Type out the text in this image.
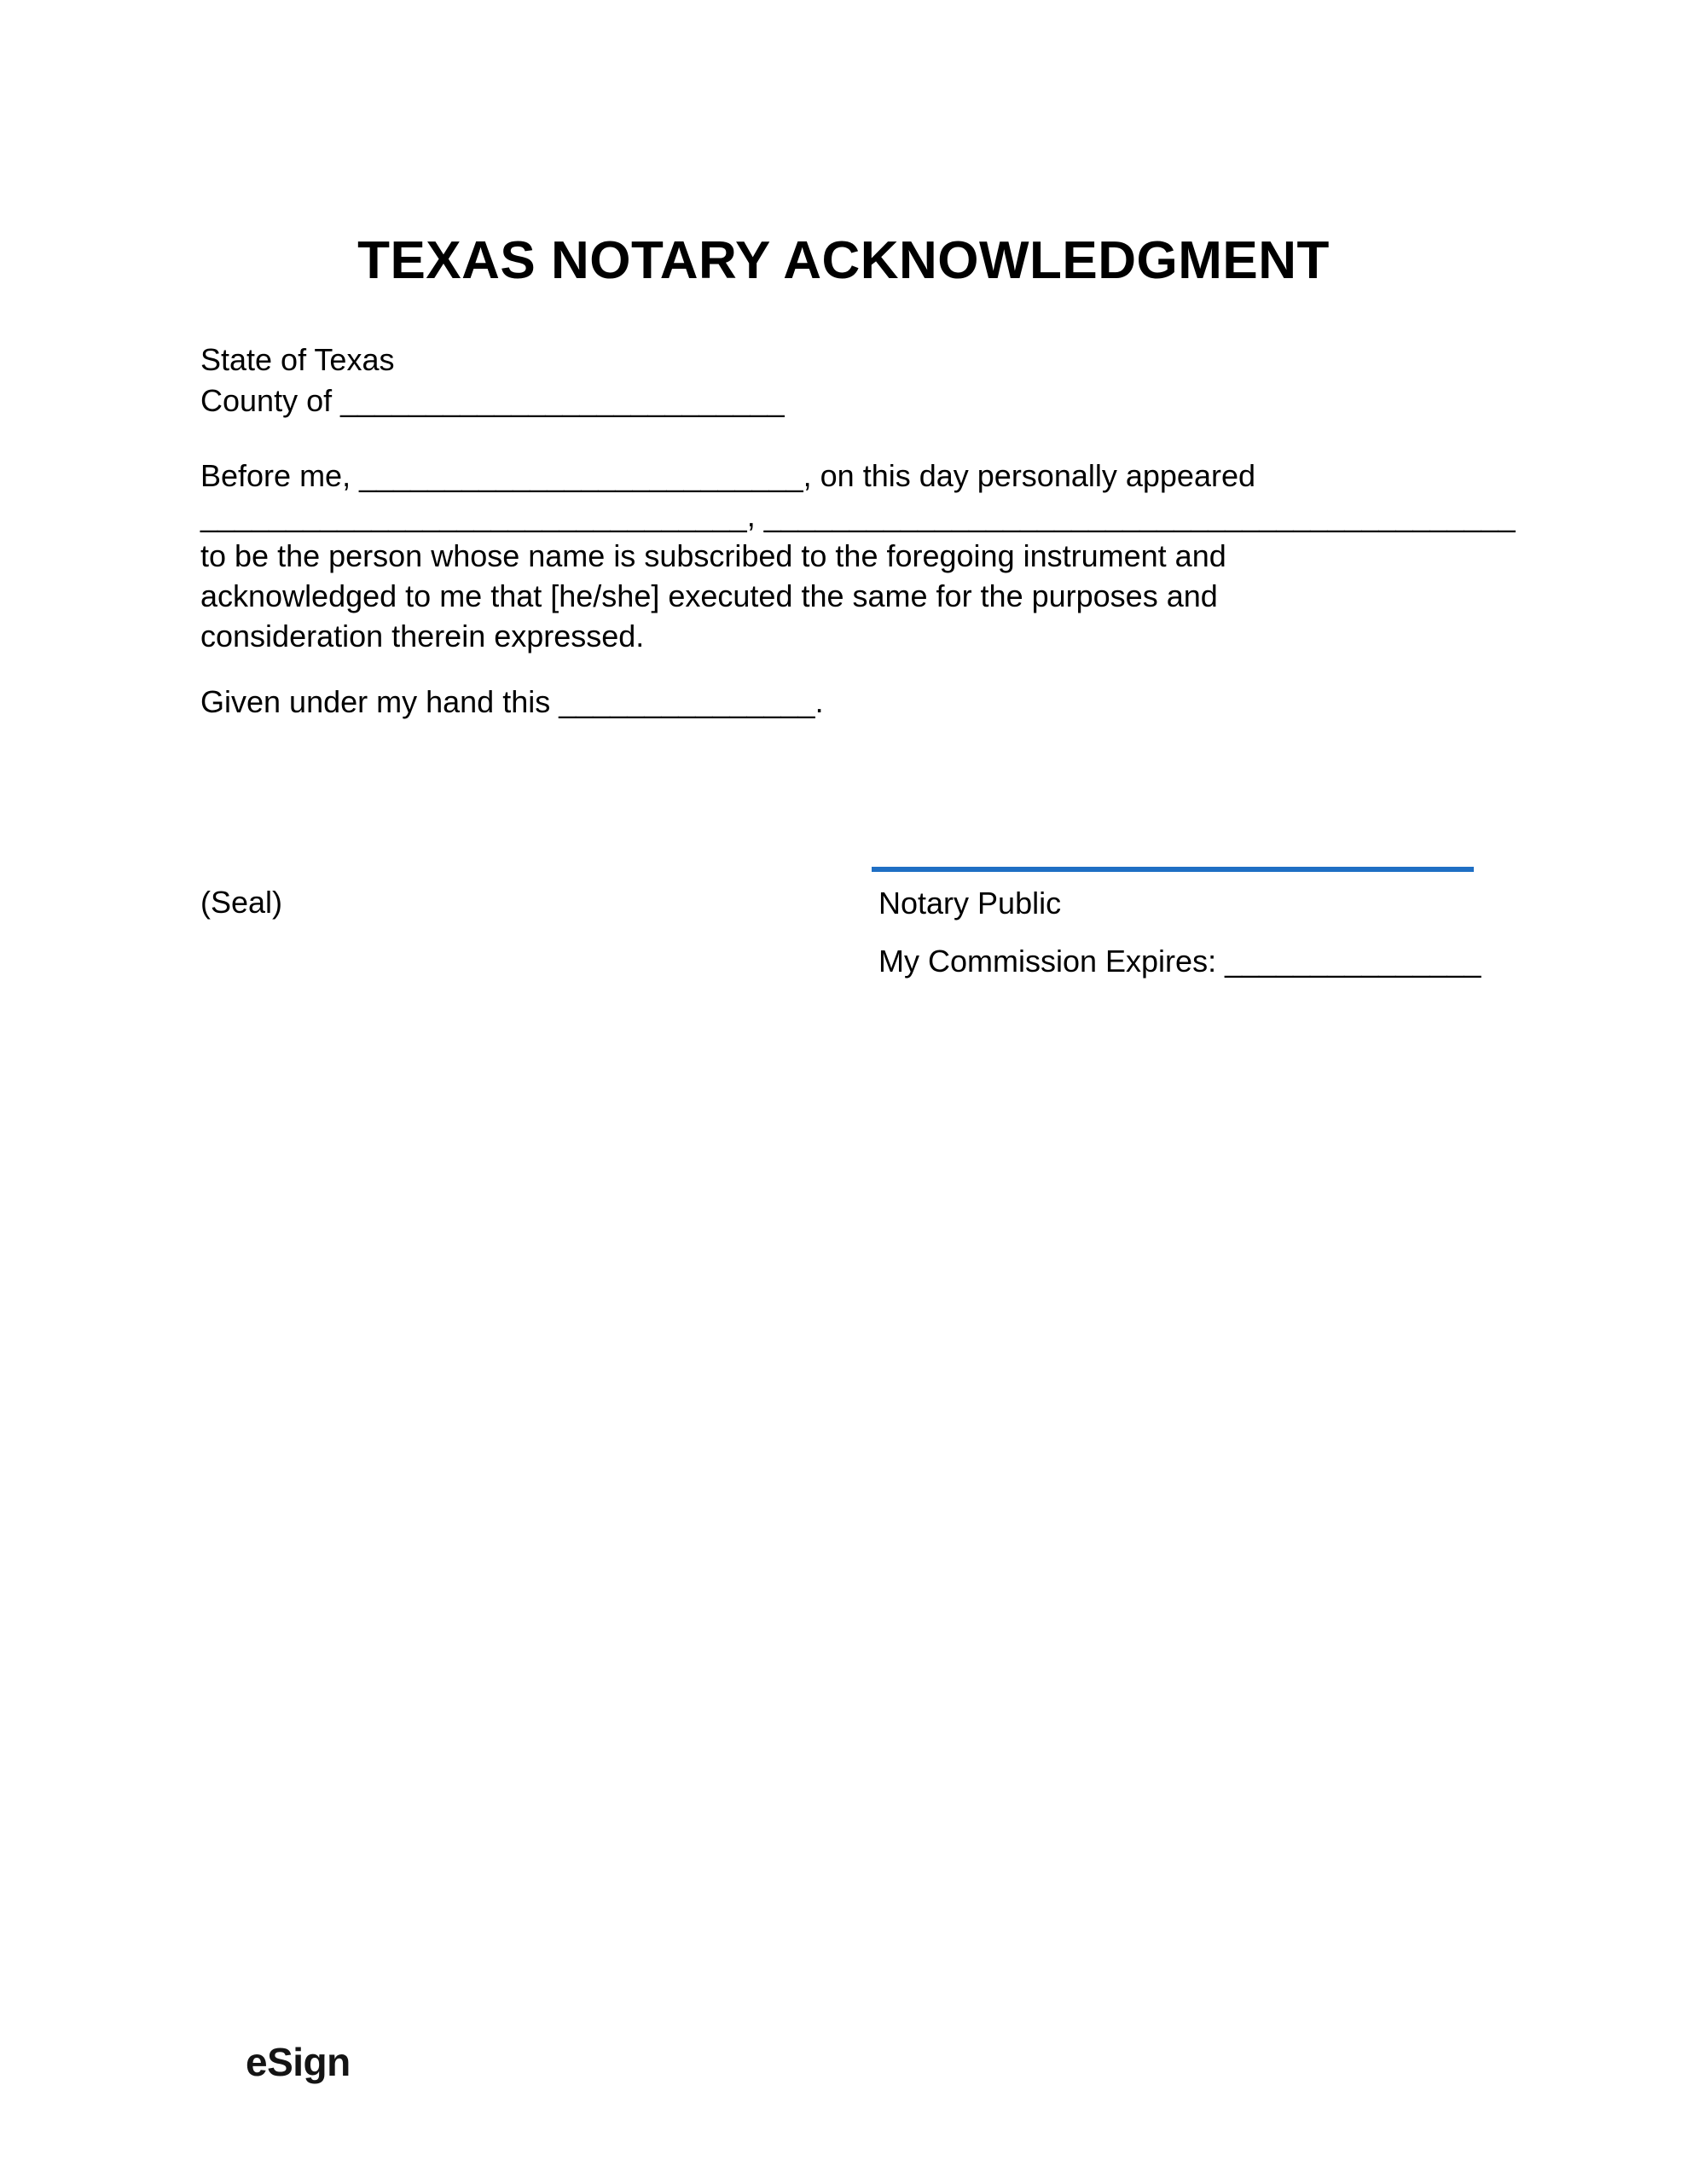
TEXAS NOTARY ACKNOWLEDGMENT
State of Texas
County of __________________________
Before me, __________________________, on this day personally appeared
________________________________, ____________________________________________
to be the person whose name is subscribed to the foregoing instrument and
acknowledged to me that [he/she] executed the same for the purposes and
consideration therein expressed.
Given under my hand this _______________.
(Seal)	Notary Public
My Commission Expires: _______________
eSign
